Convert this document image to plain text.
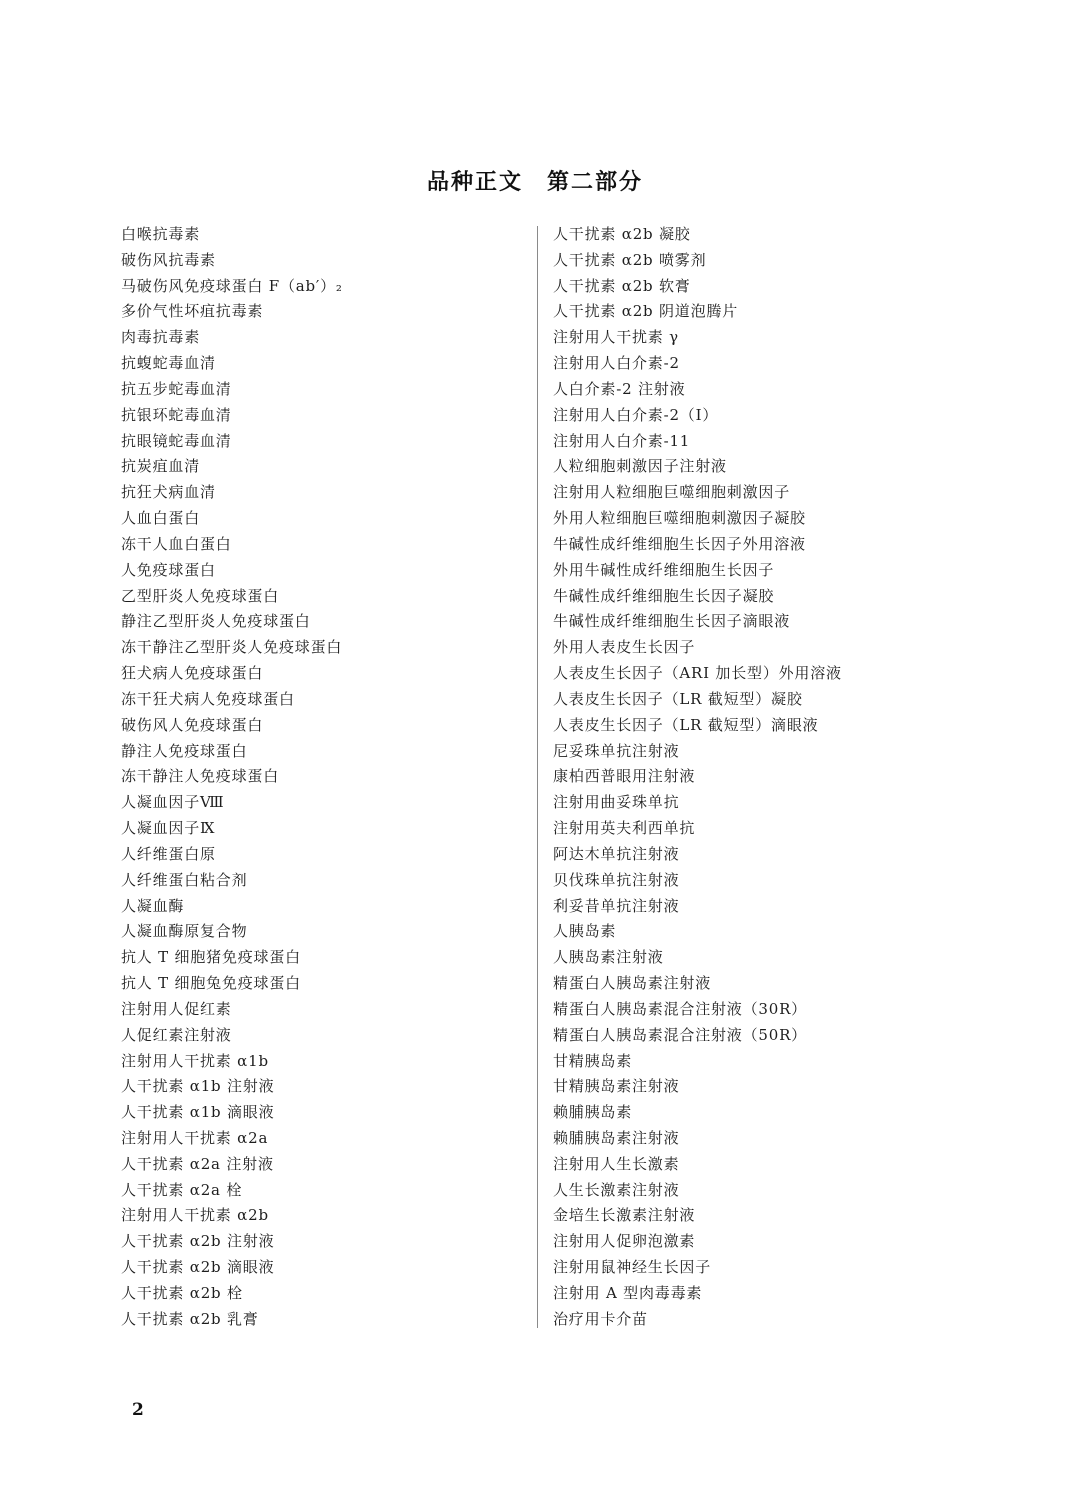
品种正文　第二部分
白喉抗毒素
破伤风抗毒素
马破伤风免疫球蛋白 F（ab′）₂
多价气性坏疽抗毒素
肉毒抗毒素
抗蝮蛇毒血清
抗五步蛇毒血清
抗银环蛇毒血清
抗眼镜蛇毒血清
抗炭疽血清
抗狂犬病血清
人血白蛋白
冻干人血白蛋白
人免疫球蛋白
乙型肝炎人免疫球蛋白
静注乙型肝炎人免疫球蛋白
冻干静注乙型肝炎人免疫球蛋白
狂犬病人免疫球蛋白
冻干狂犬病人免疫球蛋白
破伤风人免疫球蛋白
静注人免疫球蛋白
冻干静注人免疫球蛋白
人凝血因子Ⅷ
人凝血因子Ⅸ
人纤维蛋白原
人纤维蛋白粘合剂
人凝血酶
人凝血酶原复合物
抗人 T 细胞猪免疫球蛋白
抗人 T 细胞兔免疫球蛋白
注射用人促红素
人促红素注射液
注射用人干扰素 α1b
人干扰素 α1b 注射液
人干扰素 α1b 滴眼液
注射用人干扰素 α2a
人干扰素 α2a 注射液
人干扰素 α2a 栓
注射用人干扰素 α2b
人干扰素 α2b 注射液
人干扰素 α2b 滴眼液
人干扰素 α2b 栓
人干扰素 α2b 乳膏
人干扰素 α2b 凝胶
人干扰素 α2b 喷雾剂
人干扰素 α2b 软膏
人干扰素 α2b 阴道泡腾片
注射用人干扰素 γ
注射用人白介素-2
人白介素-2 注射液
注射用人白介素-2（Ⅰ）
注射用人白介素-11
人粒细胞刺激因子注射液
注射用人粒细胞巨噬细胞刺激因子
外用人粒细胞巨噬细胞刺激因子凝胶
牛碱性成纤维细胞生长因子外用溶液
外用牛碱性成纤维细胞生长因子
牛碱性成纤维细胞生长因子凝胶
牛碱性成纤维细胞生长因子滴眼液
外用人表皮生长因子
人表皮生长因子（ARI 加长型）外用溶液
人表皮生长因子（LR 截短型）凝胶
人表皮生长因子（LR 截短型）滴眼液
尼妥珠单抗注射液
康柏西普眼用注射液
注射用曲妥珠单抗
注射用英夫利西单抗
阿达木单抗注射液
贝伐珠单抗注射液
利妥昔单抗注射液
人胰岛素
人胰岛素注射液
精蛋白人胰岛素注射液
精蛋白人胰岛素混合注射液（30R）
精蛋白人胰岛素混合注射液（50R）
甘精胰岛素
甘精胰岛素注射液
赖脯胰岛素
赖脯胰岛素注射液
注射用人生长激素
人生长激素注射液
金培生长激素注射液
注射用人促卵泡激素
注射用鼠神经生长因子
注射用 A 型肉毒毒素
治疗用卡介苗
2
